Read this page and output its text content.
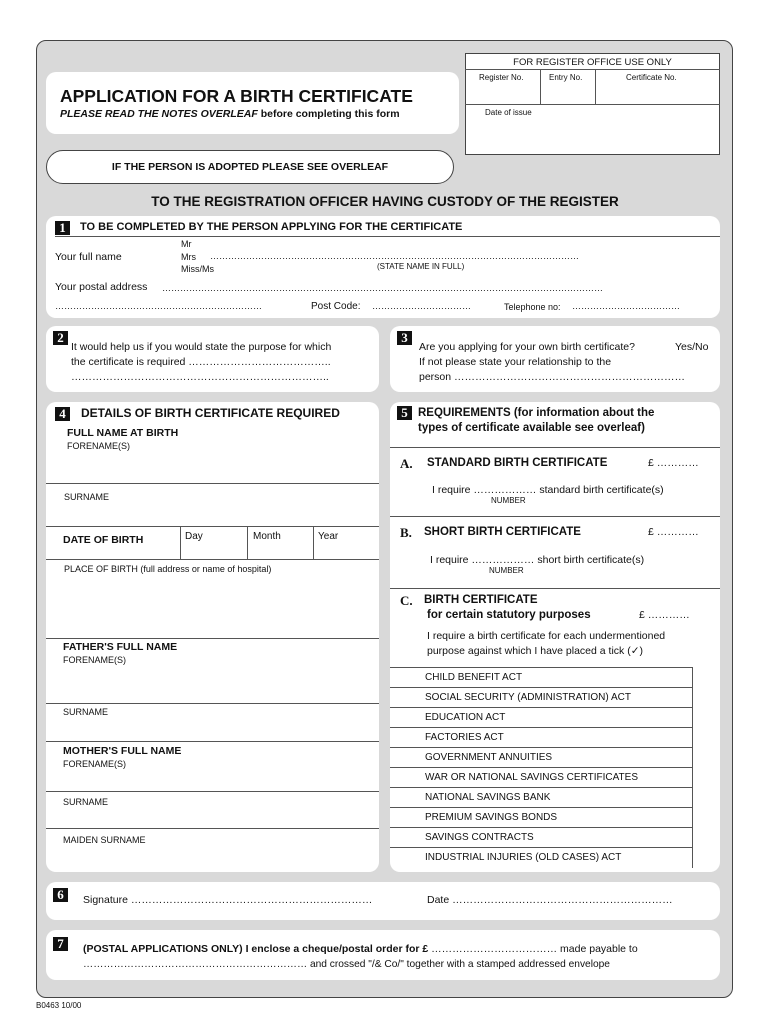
APPLICATION FOR A BIRTH CERTIFICATE
PLEASE READ THE NOTES OVERLEAF before completing this form
FOR REGISTER OFFICE USE ONLY
Register No.	Entry No.	Certificate No.
Date of issue
IF THE PERSON IS ADOPTED PLEASE SEE OVERLEAF
TO THE REGISTRATION OFFICER HAVING CUSTODY OF THE REGISTER
1	TO BE COMPLETED BY THE PERSON APPLYING FOR THE CERTIFICATE
Your full name
Mr
Mrs
Miss/Ms
……………………………………………………………………………………………………………
(STATE NAME IN FULL)
Your postal address …………………………………………………………………………………………………………………………………
……………………………………………………………	Post Code: ……………………………	Telephone no: ………………………………
2
It would help us if you would state the purpose for which
the certificate is required …………………………………..
………………………………………………………………..
3
Are you applying for your own birth certificate?	Yes/No
If not please state your relationship to the
person …………………………………………………………
4	DETAILS OF BIRTH CERTIFICATE REQUIRED
FULL NAME AT BIRTH
FORENAME(S)
SURNAME
DATE OF BIRTH	Day	Month	Year
PLACE OF BIRTH (full address or name of hospital)
FATHER'S FULL NAME
FORENAME(S)
SURNAME
MOTHER'S FULL NAME
FORENAME(S)
SURNAME
MAIDEN SURNAME
5 REQUIREMENTS (for information about the
types of certificate available see overleaf)
A. STANDARD BIRTH CERTIFICATE	£ …………
I require ……………… standard birth certificate(s)
NUMBER
B. SHORT BIRTH CERTIFICATE	£ …………
I require ……………… short birth certificate(s)
NUMBER
C. BIRTH CERTIFICATE
for certain statutory purposes	£ …………
I require a birth certificate for each undermentioned
purpose against which I have placed a tick (✓)
CHILD BENEFIT ACT
SOCIAL SECURITY (ADMINISTRATION) ACT
EDUCATION ACT
FACTORIES ACT
GOVERNMENT ANNUITIES
WAR OR NATIONAL SAVINGS CERTIFICATES
NATIONAL SAVINGS BANK
PREMIUM SAVINGS BONDS
SAVINGS CONTRACTS
INDUSTRIAL INJURIES (OLD CASES) ACT
6	Signature ……………………………………………………………	Date ………………………………………………………
7	(POSTAL APPLICATIONS ONLY) I enclose a cheque/postal order for £ ……………………………… made payable to
………………………………………………………… and crossed "/& Co/" together with a stamped addressed envelope
B0463 10/00
